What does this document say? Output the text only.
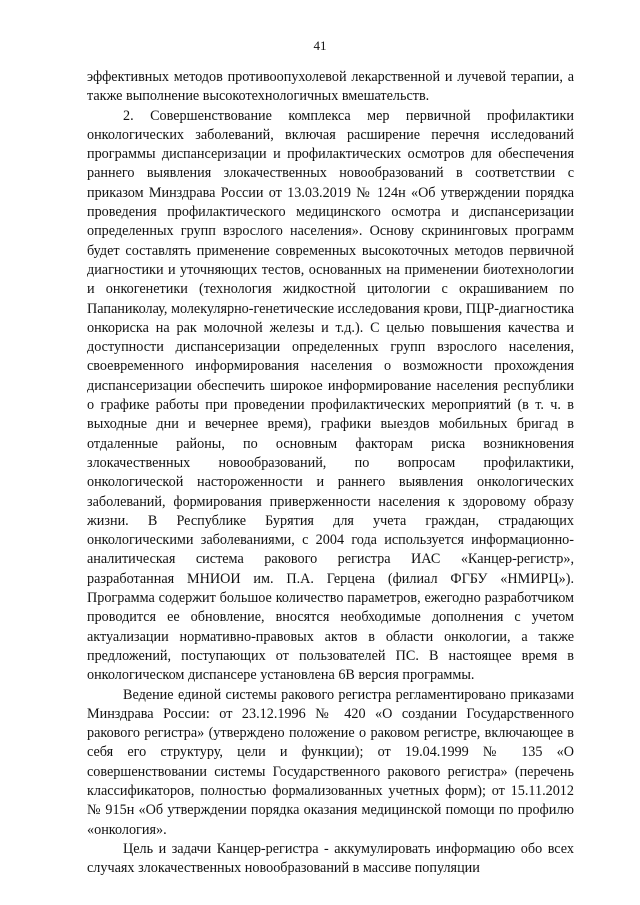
41

эффективных методов противоопухолевой лекарственной и лучевой терапии, а также выполнение высокотехнологичных вмешательств.

2. Совершенствование комплекса мер первичной профилактики онкологических заболеваний, включая расширение перечня исследований программы диспансеризации и профилактических осмотров для обеспечения раннего выявления злокачественных новообразований в соответствии с приказом Минздрава России от 13.03.2019 № 124н «Об утверждении порядка проведения профилактического медицинского осмотра и диспансеризации определенных групп взрослого населения». Основу скрининговых программ будет составлять применение современных высокоточных методов первичной диагностики и уточняющих тестов, основанных на применении биотехнологии и онкогенетики (технология жидкостной цитологии с окрашиванием по Папаниколау, молекулярно-генетические исследования крови, ПЦР-диагностика онкориска на рак молочной железы и т.д.). С целью повышения качества и доступности диспансеризации определенных групп взрослого населения, своевременного информирования населения о возможности прохождения диспансеризации обеспечить широкое информирование населения республики о графике работы при проведении профилактических мероприятий (в т. ч. в выходные дни и вечернее время), графики выездов мобильных бригад в отдаленные районы, по основным факторам риска возникновения злокачественных новообразований, по вопросам профилактики, онкологической настороженности и раннего выявления онкологических заболеваний, формирования приверженности населения к здоровому образу жизни. В Республике Бурятия для учета граждан, страдающих онкологическими заболеваниями, с 2004 года используется информационно-аналитическая система ракового регистра ИАС «Канцер-регистр», разработанная МНИОИ им. П.А. Герцена (филиал ФГБУ «НМИРЦ»). Программа содержит большое количество параметров, ежегодно разработчиком проводится ее обновление, вносятся необходимые дополнения с учетом актуализации нормативно-правовых актов в области онкологии, а также предложений, поступающих от пользователей ПС. В настоящее время в онкологическом диспансере установлена 6В версия программы.

Ведение единой системы ракового регистра регламентировано приказами Минздрава России: от 23.12.1996 № 420 «О создании Государственного ракового регистра» (утверждено положение о раковом регистре, включающее в себя его структуру, цели и функции); от 19.04.1999 № 135 «О совершенствовании системы Государственного ракового регистра» (перечень классификаторов, полностью формализованных учетных форм); от 15.11.2012 № 915н «Об утверждении порядка оказания медицинской помощи по профилю «онкология».

Цель и задачи Канцер-регистра - аккумулировать информацию обо всех случаях злокачественных новообразований в массиве популяции
